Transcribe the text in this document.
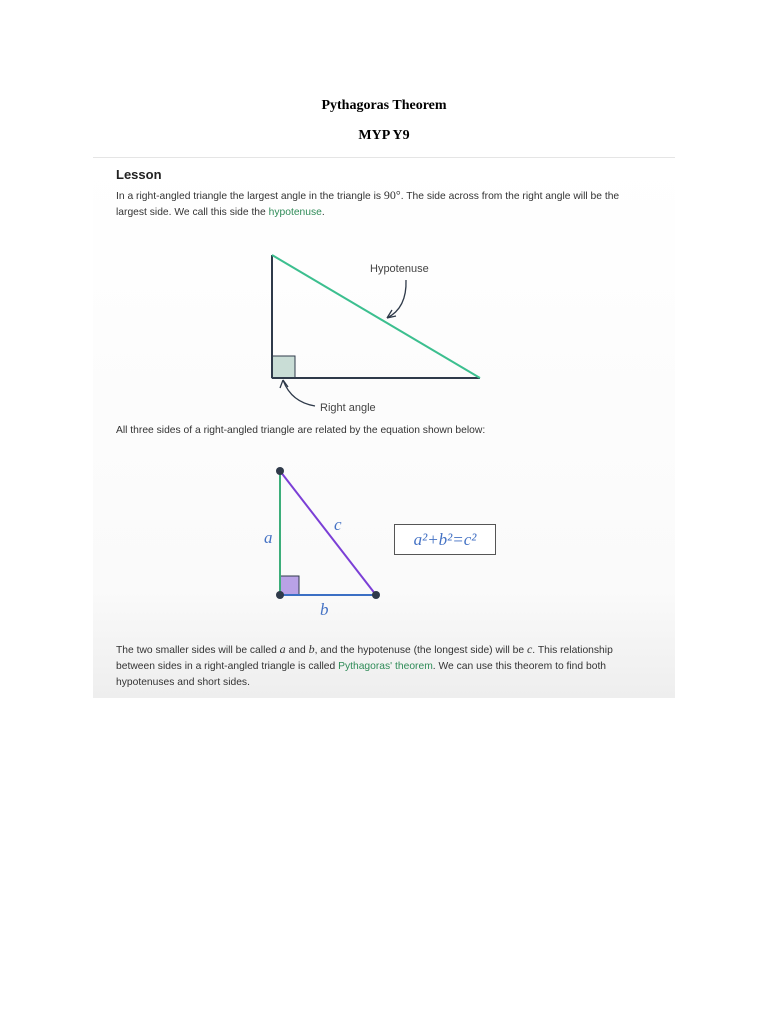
Pythagoras Theorem
MYP Y9
Lesson
In a right-angled triangle the largest angle in the triangle is 90°. The side across from the right angle will be the largest side. We call this side the hypotenuse.
Hypotenuse
Right angle
a
b
c
All three sides of a right-angled triangle are related by the equation shown below:
a²+b²=c²
The two smaller sides will be called a and b, and the hypotenuse (the longest side) will be c. This relationship between sides in a right-angled triangle is called Pythagoras' theorem. We can use this theorem to find both hypotenuses and short sides.
